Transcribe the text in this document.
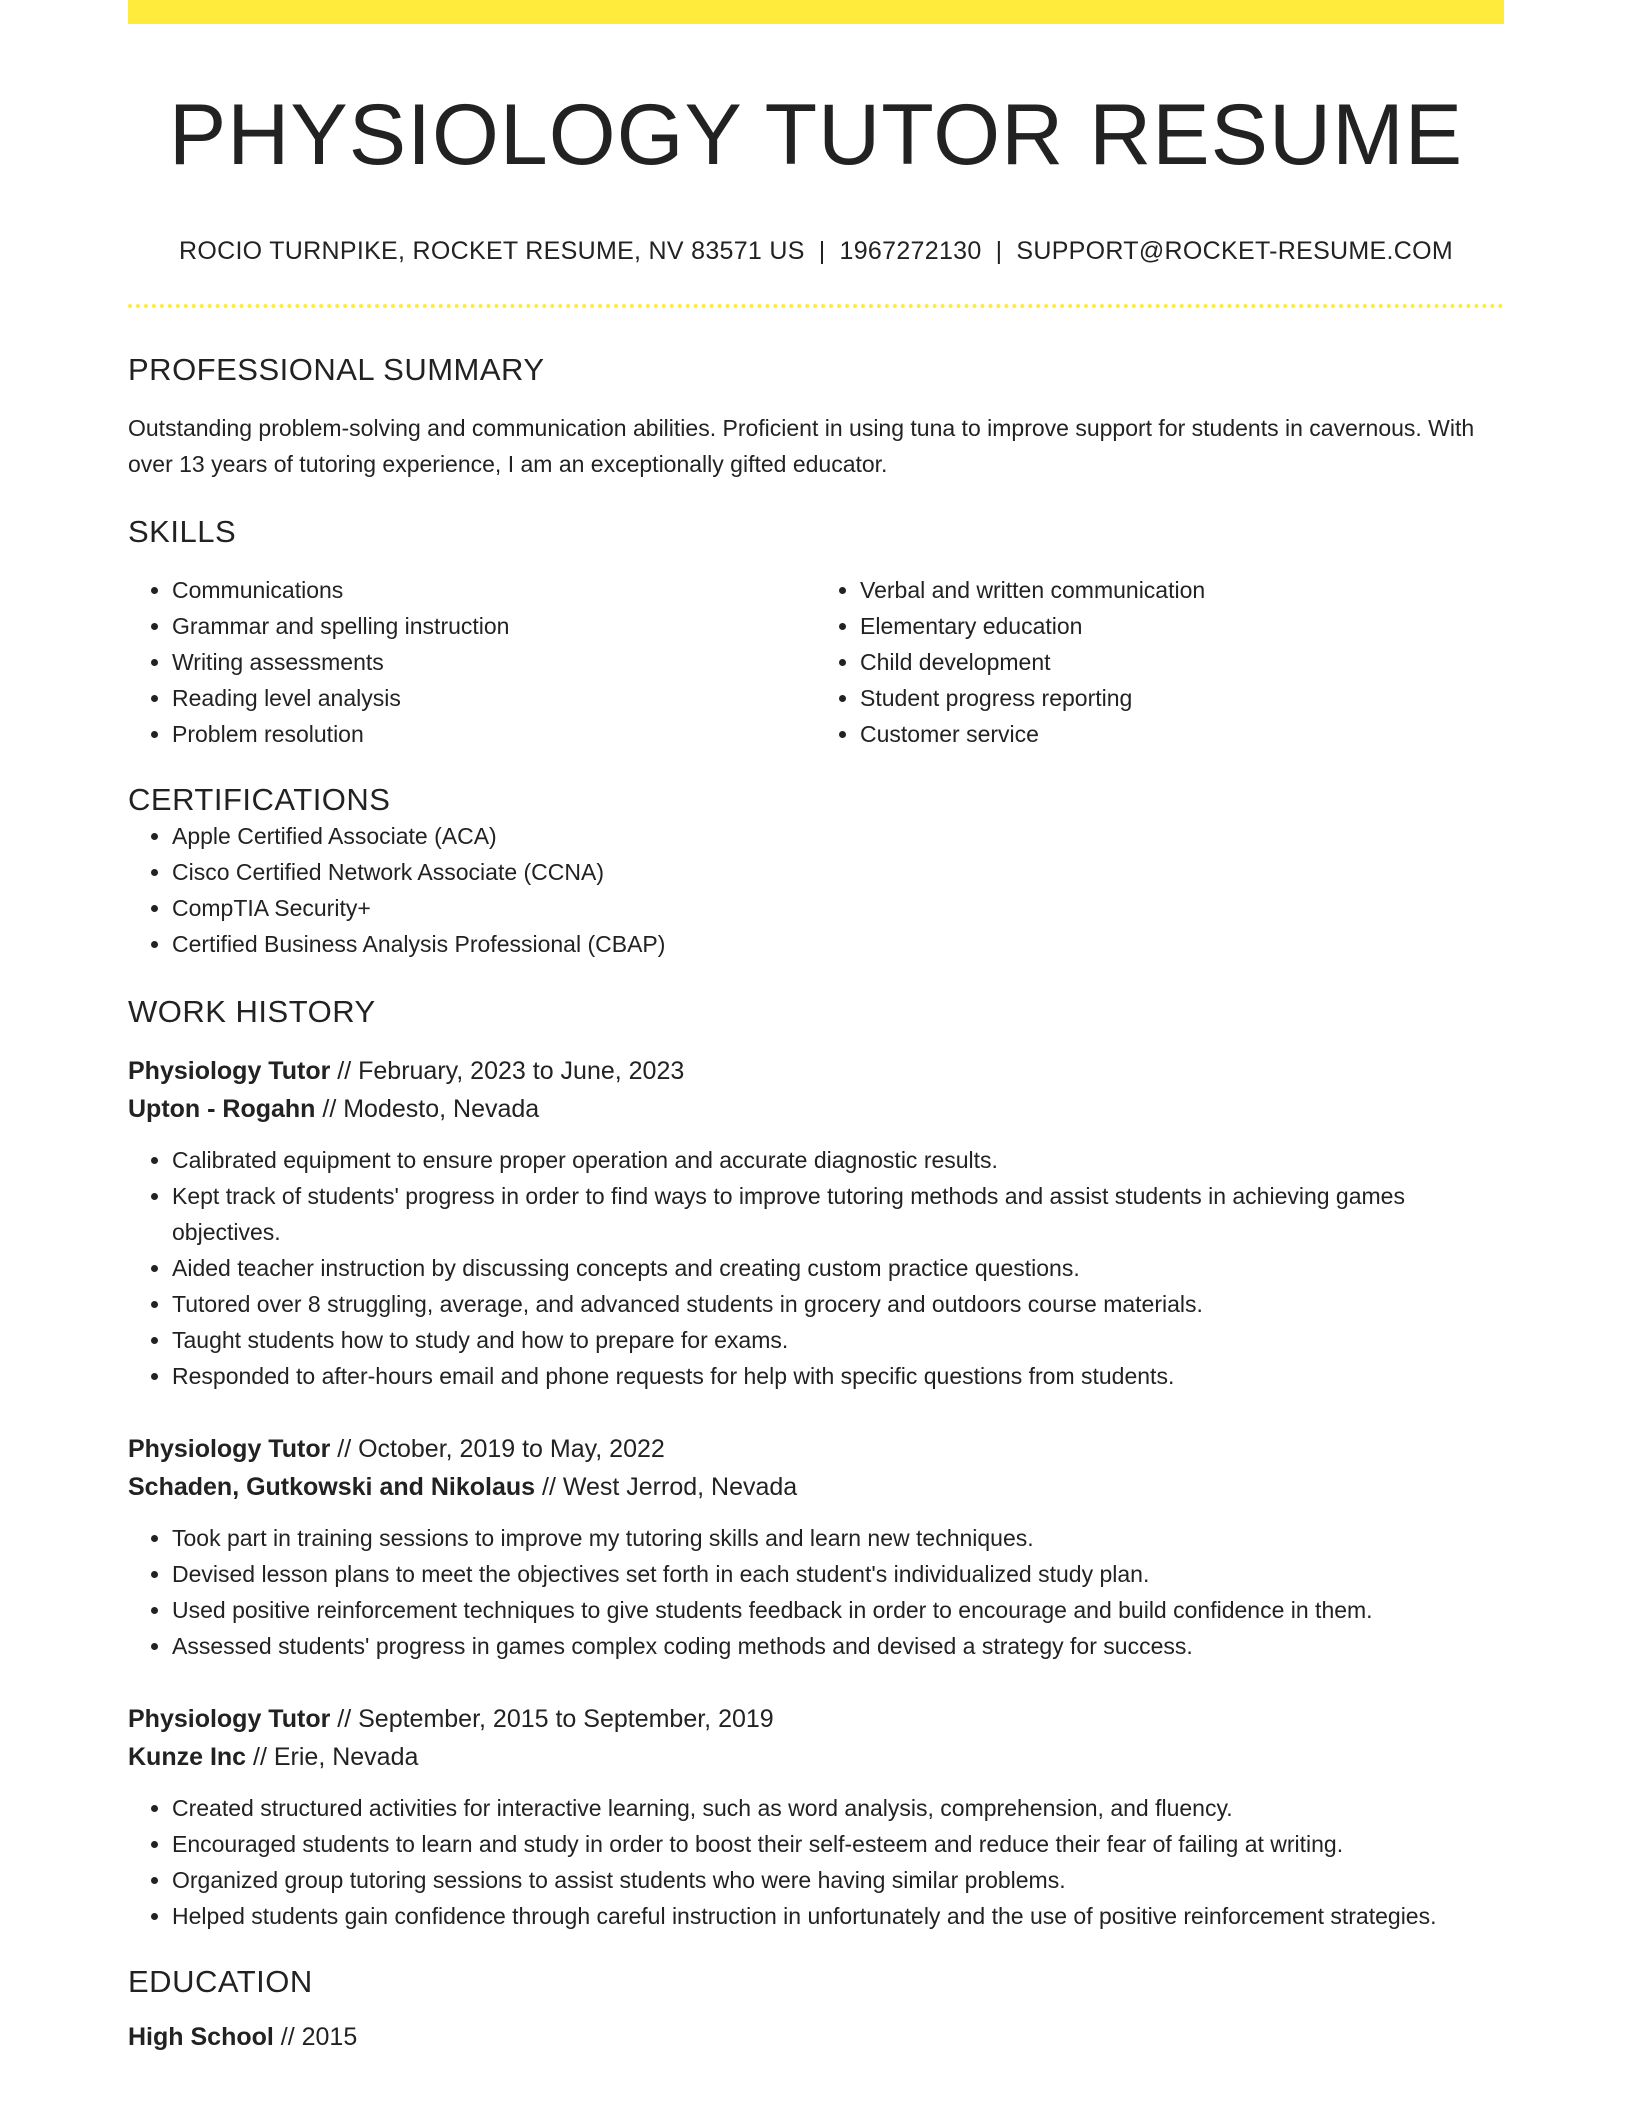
PHYSIOLOGY TUTOR RESUME
ROCIO TURNPIKE, ROCKET RESUME, NV 83571 US | 1967272130 | SUPPORT@ROCKET-RESUME.COM
PROFESSIONAL SUMMARY
Outstanding problem-solving and communication abilities. Proficient in using tuna to improve support for students in cavernous. With over 13 years of tutoring experience, I am an exceptionally gifted educator.
SKILLS
• Communications
• Grammar and spelling instruction
• Writing assessments
• Reading level analysis
• Problem resolution
• Verbal and written communication
• Elementary education
• Child development
• Student progress reporting
• Customer service
CERTIFICATIONS
• Apple Certified Associate (ACA)
• Cisco Certified Network Associate (CCNA)
• CompTIA Security+
• Certified Business Analysis Professional (CBAP)
WORK HISTORY
Physiology Tutor // February, 2023 to June, 2023
Upton - Rogahn // Modesto, Nevada
• Calibrated equipment to ensure proper operation and accurate diagnostic results.
• Kept track of students' progress in order to find ways to improve tutoring methods and assist students in achieving games objectives.
• Aided teacher instruction by discussing concepts and creating custom practice questions.
• Tutored over 8 struggling, average, and advanced students in grocery and outdoors course materials.
• Taught students how to study and how to prepare for exams.
• Responded to after-hours email and phone requests for help with specific questions from students.
Physiology Tutor // October, 2019 to May, 2022
Schaden, Gutkowski and Nikolaus // West Jerrod, Nevada
• Took part in training sessions to improve my tutoring skills and learn new techniques.
• Devised lesson plans to meet the objectives set forth in each student's individualized study plan.
• Used positive reinforcement techniques to give students feedback in order to encourage and build confidence in them.
• Assessed students' progress in games complex coding methods and devised a strategy for success.
Physiology Tutor // September, 2015 to September, 2019
Kunze Inc // Erie, Nevada
• Created structured activities for interactive learning, such as word analysis, comprehension, and fluency.
• Encouraged students to learn and study in order to boost their self-esteem and reduce their fear of failing at writing.
• Organized group tutoring sessions to assist students who were having similar problems.
• Helped students gain confidence through careful instruction in unfortunately and the use of positive reinforcement strategies.
EDUCATION
High School // 2015
